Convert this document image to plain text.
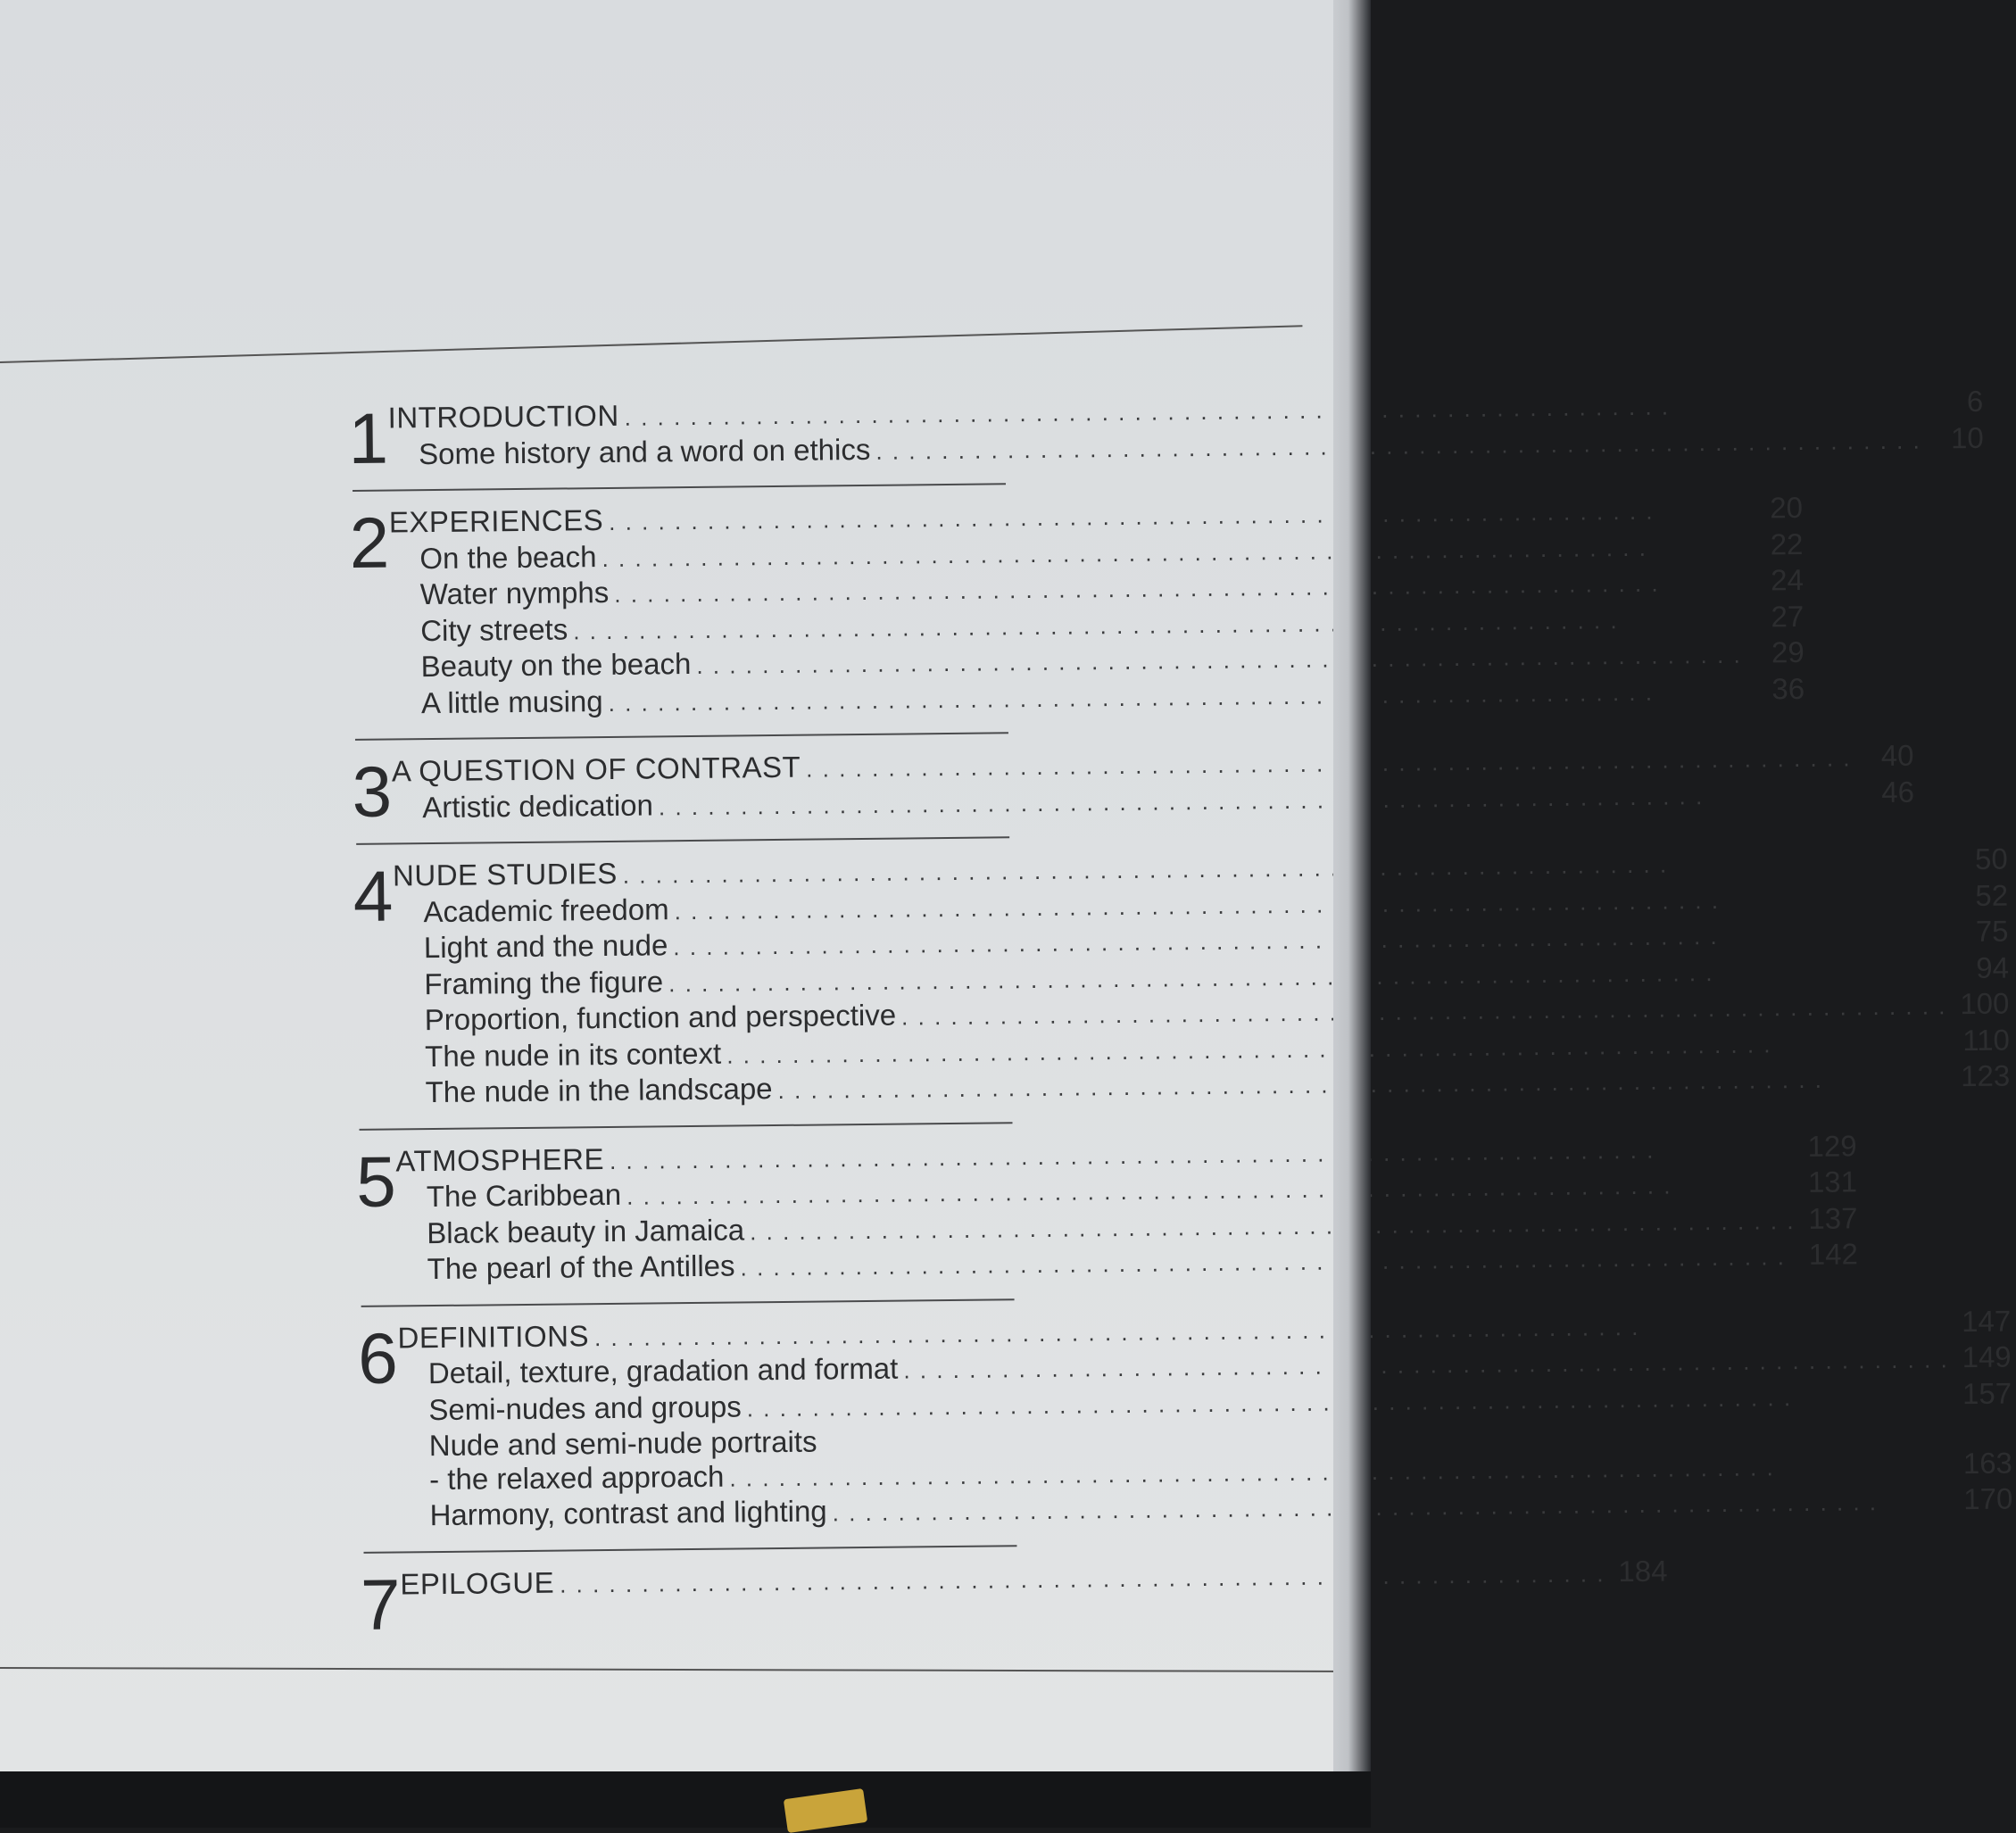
1 INTRODUCTION . . .	6
Some history and a word on ethics . . .	10
2 EXPERIENCES . . .	20
On the beach . . .	22
Water nymphs . . .	24
City streets . . .	27
Beauty on the beach . . .	29
A little musing . . .	36
3 A QUESTION OF CONTRAST . . .	40
Artistic dedication . . .	46
4 NUDE STUDIES . . .	50
Academic freedom . . .	52
Light and the nude . . .	75
Framing the figure . . .	94
Proportion, function and perspective . . .	100
The nude in its context . . .	110
The nude in the landscape . . .	123
5 ATMOSPHERE . . .	129
The Caribbean . . .	131
Black beauty in Jamaica . . .	137
The pearl of the Antilles . . .	142
6 DEFINITIONS . . .	147
Detail, texture, gradation and format . . .	149
Semi-nudes and groups . . .	157
Nude and semi-nude portraits
- the relaxed approach . . .	163
Harmony, contrast and lighting . . .	170
7 EPILOGUE . . .	184
